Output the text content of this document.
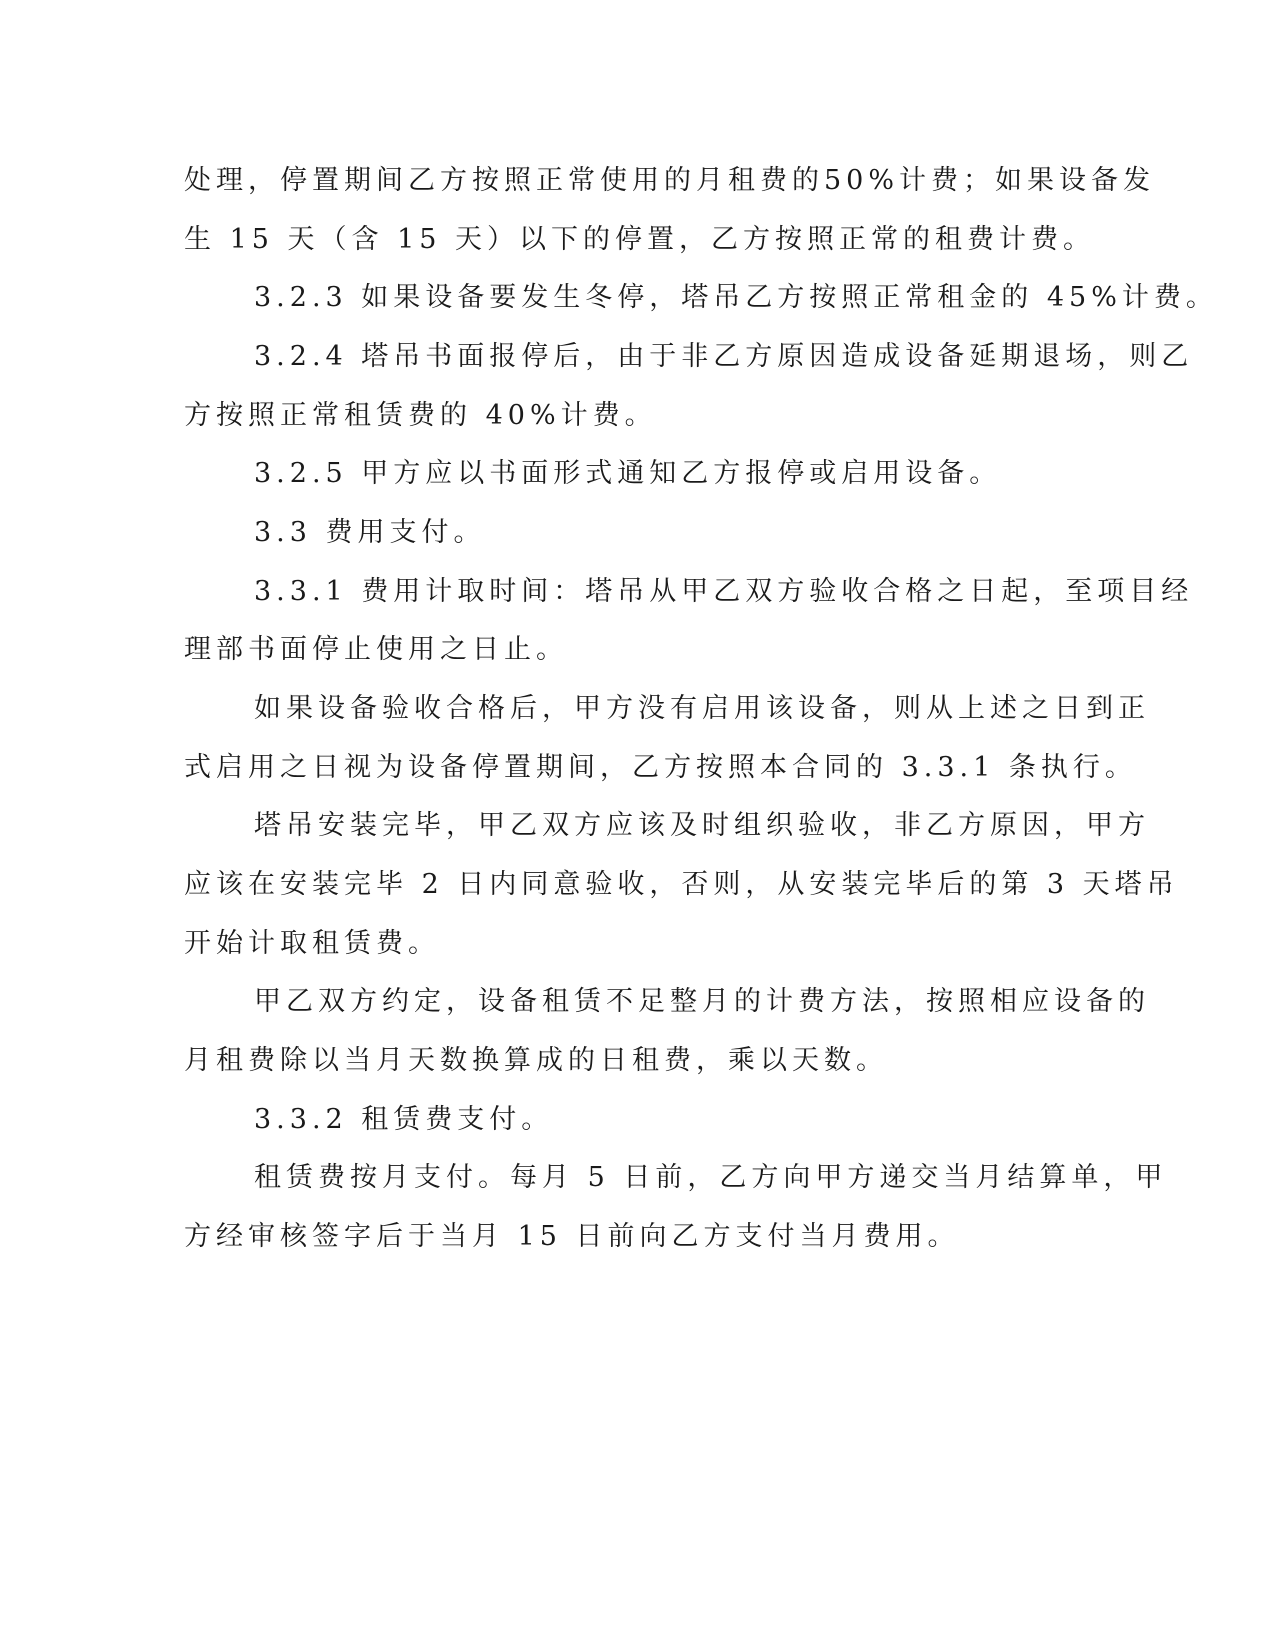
处理，停置期间乙方按照正常使用的月租费的50%计费；如果设备发
生 15 天（含 15 天）以下的停置，乙方按照正常的租费计费。
3.2.3 如果设备要发生冬停，塔吊乙方按照正常租金的 45%计费。
3.2.4 塔吊书面报停后，由于非乙方原因造成设备延期退场，则乙
方按照正常租赁费的 40%计费。
3.2.5 甲方应以书面形式通知乙方报停或启用设备。
3.3 费用支付。
3.3.1 费用计取时间：塔吊从甲乙双方验收合格之日起，至项目经
理部书面停止使用之日止。
如果设备验收合格后，甲方没有启用该设备，则从上述之日到正
式启用之日视为设备停置期间，乙方按照本合同的 3.3.1 条执行。
塔吊安装完毕，甲乙双方应该及时组织验收，非乙方原因，甲方
应该在安装完毕 2 日内同意验收，否则，从安装完毕后的第 3 天塔吊
开始计取租赁费。
甲乙双方约定，设备租赁不足整月的计费方法，按照相应设备的
月租费除以当月天数换算成的日租费，乘以天数。
3.3.2 租赁费支付。
租赁费按月支付。每月 5 日前，乙方向甲方递交当月结算单，甲
方经审核签字后于当月 15 日前向乙方支付当月费用。
